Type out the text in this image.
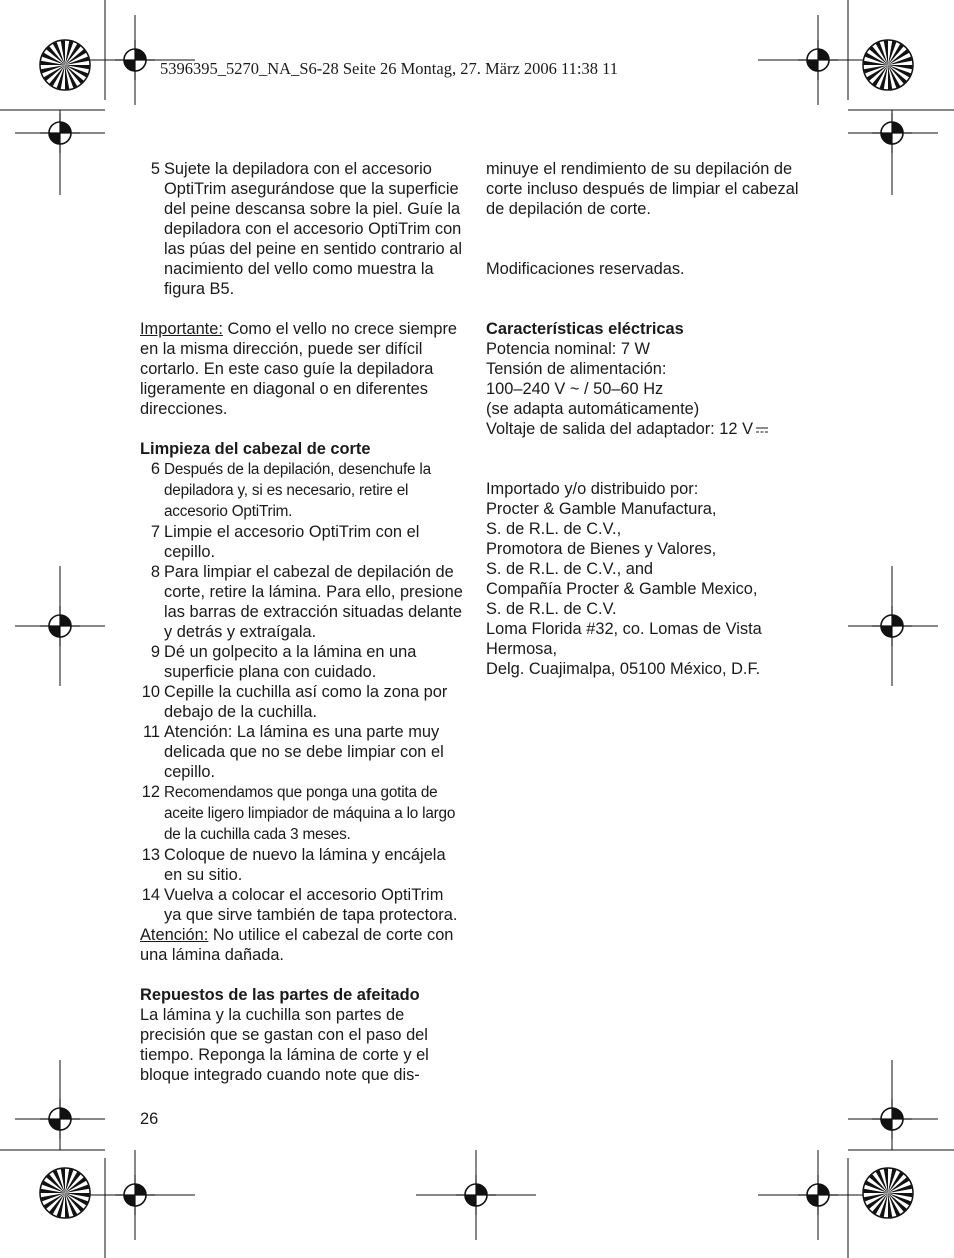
5396395_5270_NA_S6-28 Seite 26 Montag, 27. März 2006 11:38 11
5 Sujete la depiladora con el accesorio OptiTrim asegurándose que la superficie del peine descansa sobre la piel. Guíe la depiladora con el accesorio OptiTrim con las púas del peine en sentido contrario al nacimiento del vello como muestra la figura B5.

Importante: Como el vello no crece siempre en la misma dirección, puede ser difícil cortarlo. En este caso guíe la depiladora ligeramente en diagonal o en diferentes direcciones.

Limpieza del cabezal de corte

6 Después de la depilación, desenchufe la depiladora y, si es necesario, retire el accesorio OptiTrim.
7 Limpie el accesorio OptiTrim con el cepillo.
8 Para limpiar el cabezal de depilación de corte, retire la lámina. Para ello, presione las barras de extracción situadas delante y detrás y extraígala.
9 Dé un golpecito a la lámina en una superficie plana con cuidado.
10 Cepille la cuchilla así como la zona por debajo de la cuchilla.
11 Atención: La lámina es una parte muy delicada que no se debe limpiar con el cepillo.
12 Recomendamos que ponga una gotita de aceite ligero limpiador de máquina a lo largo de la cuchilla cada 3 meses.
13 Coloque de nuevo la lámina y encájela en su sitio.
14 Vuelva a colocar el accesorio OptiTrim ya que sirve también de tapa protectora.

Atención: No utilice el cabezal de corte con una lámina dañada.

Repuestos de las partes de afeitado

La lámina y la cuchilla son partes de precisión que se gastan con el paso del tiempo. Reponga la lámina de corte y el bloque integrado cuando note que dis-

minuye el rendimiento de su depilación de corte incluso después de limpiar el cabezal de depilación de corte.

Modificaciones reservadas.

Características eléctricas

Potencia nominal: 7 W

Tensión de alimentación:

100–240 V ~ / 50–60 Hz

(se adapta automáticamente)

Voltaje de salida del adaptador: 12 V

Importado y/o distribuido por:

Procter & Gamble Manufactura,

S. de R.L. de C.V.,

Promotora de Bienes y Valores,

S. de R.L. de C.V., and

Compañía Procter & Gamble Mexico,

S. de R.L. de C.V.

Loma Florida #32, co. Lomas de Vista

Hermosa,

Delg. Cuajimalpa, 05100 México, D.F.

26
